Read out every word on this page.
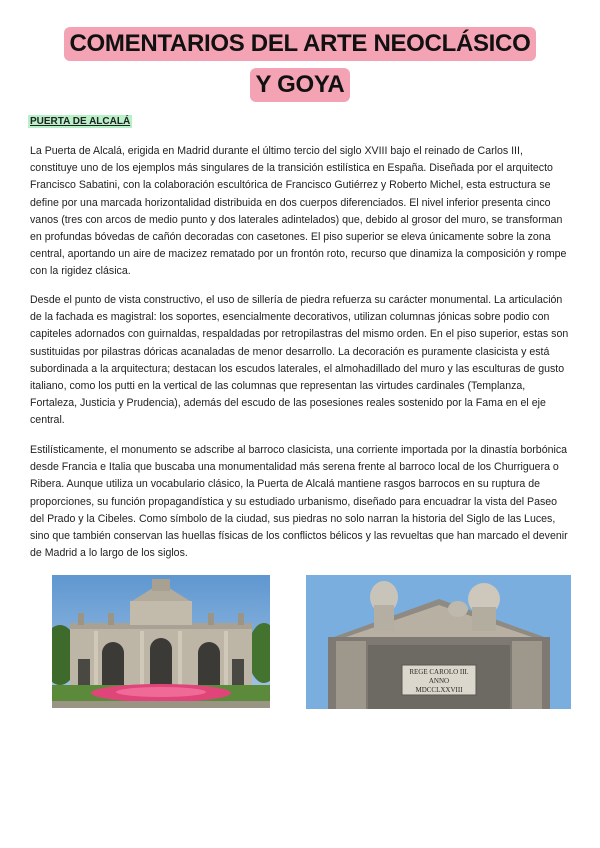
COMENTARIOS DEL ARTE NEOCLÁSICO
Y GOYA
PUERTA DE ALCALÁ

La Puerta de Alcalá, erigida en Madrid durante el último tercio del siglo XVIII bajo el reinado de Carlos III, constituye uno de los ejemplos más singulares de la transición estilística en España. Diseñada por el arquitecto Francisco Sabatini, con la colaboración escultórica de Francisco Gutiérrez y Roberto Michel, esta estructura se define por una marcada horizontalidad distribuida en dos cuerpos diferenciados. El nivel inferior presenta cinco vanos (tres con arcos de medio punto y dos laterales adintelados) que, debido al grosor del muro, se transforman en profundas bóvedas de cañón decoradas con casetones. El piso superior se eleva únicamente sobre la zona central, aportando un aire de macizez rematado por un frontón roto, recurso que dinamiza la composición y rompe con la rigidez clásica.

Desde el punto de vista constructivo, el uso de sillería de piedra refuerza su carácter monumental. La articulación de la fachada es magistral: los soportes, esencialmente decorativos, utilizan columnas jónicas sobre podio con capiteles adornados con guirnaldas, respaldadas por retropilastras del mismo orden. En el piso superior, estas son sustituidas por pilastras dóricas acanaladas de menor desarrollo. La decoración es puramente clasicista y está subordinada a la arquitectura; destacan los escudos laterales, el almohadillado del muro y las esculturas de gusto italiano, como los putti en la vertical de las columnas que representan las virtudes cardinales (Templanza, Fortaleza, Justicia y Prudencia), además del escudo de las posesiones reales sostenido por la Fama en el eje central.

Estilísticamente, el monumento se adscribe al barroco clasicista, una corriente importada por la dinastía borbónica desde Francia e Italia que buscaba una monumentalidad más serena frente al barroco local de los Churriguera o Ribera. Aunque utiliza un vocabulario clásico, la Puerta de Alcalá mantiene rasgos barrocos en su ruptura de proporciones, su función propagandística y su estudiado urbanismo, diseñado para encuadrar la vista del Paseo del Prado y la Cibeles. Como símbolo de la ciudad, sus piedras no solo narran la historia del Siglo de las Luces, sino que también conservan las huellas físicas de los conflictos bélicos y las revueltas que han marcado el devenir de Madrid a lo largo de los siglos.

REGE CAROLO III.
ANNO
MDCCLXXVIII
